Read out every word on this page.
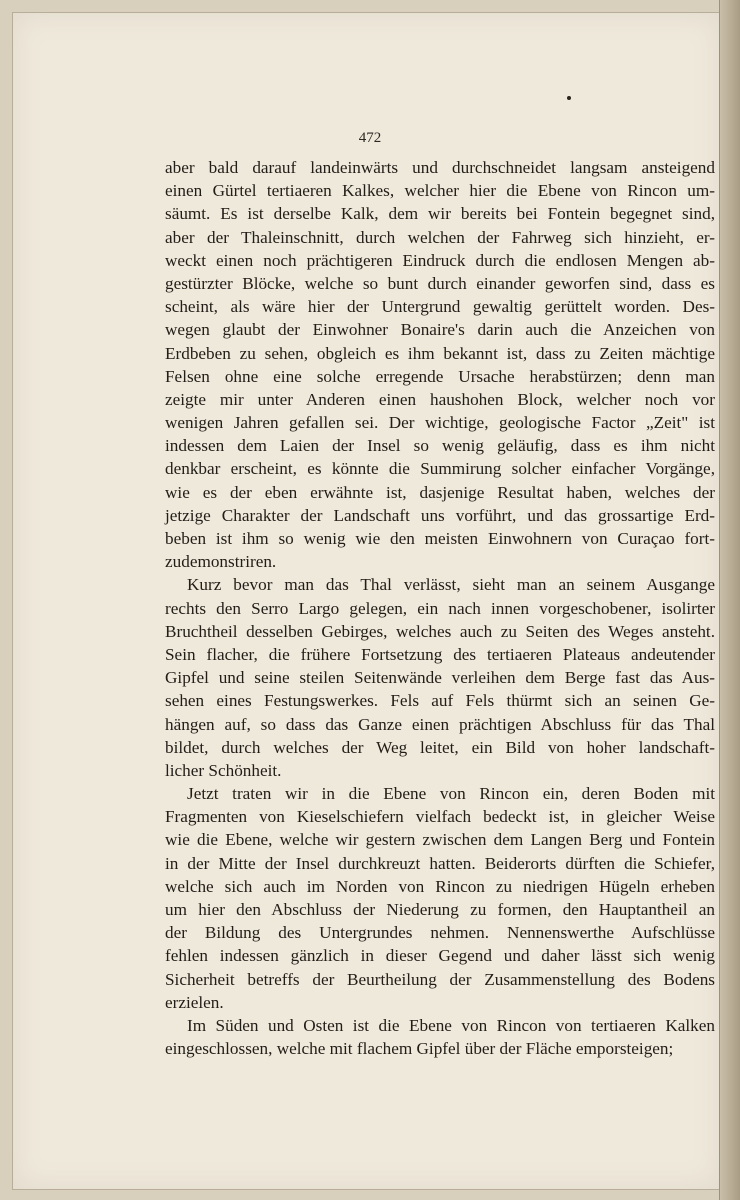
472
aber bald darauf landeinwärts und durchschneidet langsam ansteigend
einen Gürtel tertiaeren Kalkes, welcher hier die Ebene von Rincon um-
säumt. Es ist derselbe Kalk, dem wir bereits bei Fontein begegnet sind,
aber der Thaleinschnitt, durch welchen der Fahrweg sich hinzieht, er-
weckt einen noch prächtigeren Eindruck durch die endlosen Mengen ab-
gestürzter Blöcke, welche so bunt durch einander geworfen sind, dass es
scheint, als wäre hier der Untergrund gewaltig gerüttelt worden. Des-
wegen glaubt der Einwohner Bonaire's darin auch die Anzeichen von
Erdbeben zu sehen, obgleich es ihm bekannt ist, dass zu Zeiten mächtige
Felsen ohne eine solche erregende Ursache herabstürzen; denn man
zeigte mir unter Anderen einen haushohen Block, welcher noch vor
wenigen Jahren gefallen sei. Der wichtige, geologische Factor „Zeit" ist
indessen dem Laien der Insel so wenig geläufig, dass es ihm nicht
denkbar erscheint, es könnte die Summirung solcher einfacher Vorgänge,
wie es der eben erwähnte ist, dasjenige Resultat haben, welches der
jetzige Charakter der Landschaft uns vorführt, und das grossartige Erd-
beben ist ihm so wenig wie den meisten Einwohnern von Curaçao fort-
zudemonstriren.
Kurz bevor man das Thal verlässt, sieht man an seinem Ausgange
rechts den Serro Largo gelegen, ein nach innen vorgeschobener, isolirter
Bruchtheil desselben Gebirges, welches auch zu Seiten des Weges ansteht.
Sein flacher, die frühere Fortsetzung des tertiaeren Plateaus andeutender
Gipfel und seine steilen Seitenwände verleihen dem Berge fast das Aus-
sehen eines Festungswerkes. Fels auf Fels thürmt sich an seinen Ge-
hängen auf, so dass das Ganze einen prächtigen Abschluss für das Thal
bildet, durch welches der Weg leitet, ein Bild von hoher landschaft-
licher Schönheit.
Jetzt traten wir in die Ebene von Rincon ein, deren Boden mit
Fragmenten von Kieselschiefern vielfach bedeckt ist, in gleicher Weise
wie die Ebene, welche wir gestern zwischen dem Langen Berg und Fontein
in der Mitte der Insel durchkreuzt hatten. Beiderorts dürften die Schiefer,
welche sich auch im Norden von Rincon zu niedrigen Hügeln erheben
um hier den Abschluss der Niederung zu formen, den Hauptantheil an
der Bildung des Untergrundes nehmen. Nennenswerthe Aufschlüsse
fehlen indessen gänzlich in dieser Gegend und daher lässt sich wenig
Sicherheit betreffs der Beurtheilung der Zusammenstellung des Bodens
erzielen.
Im Süden und Osten ist die Ebene von Rincon von tertiaeren Kalken
eingeschlossen, welche mit flachem Gipfel über der Fläche emporsteigen;
